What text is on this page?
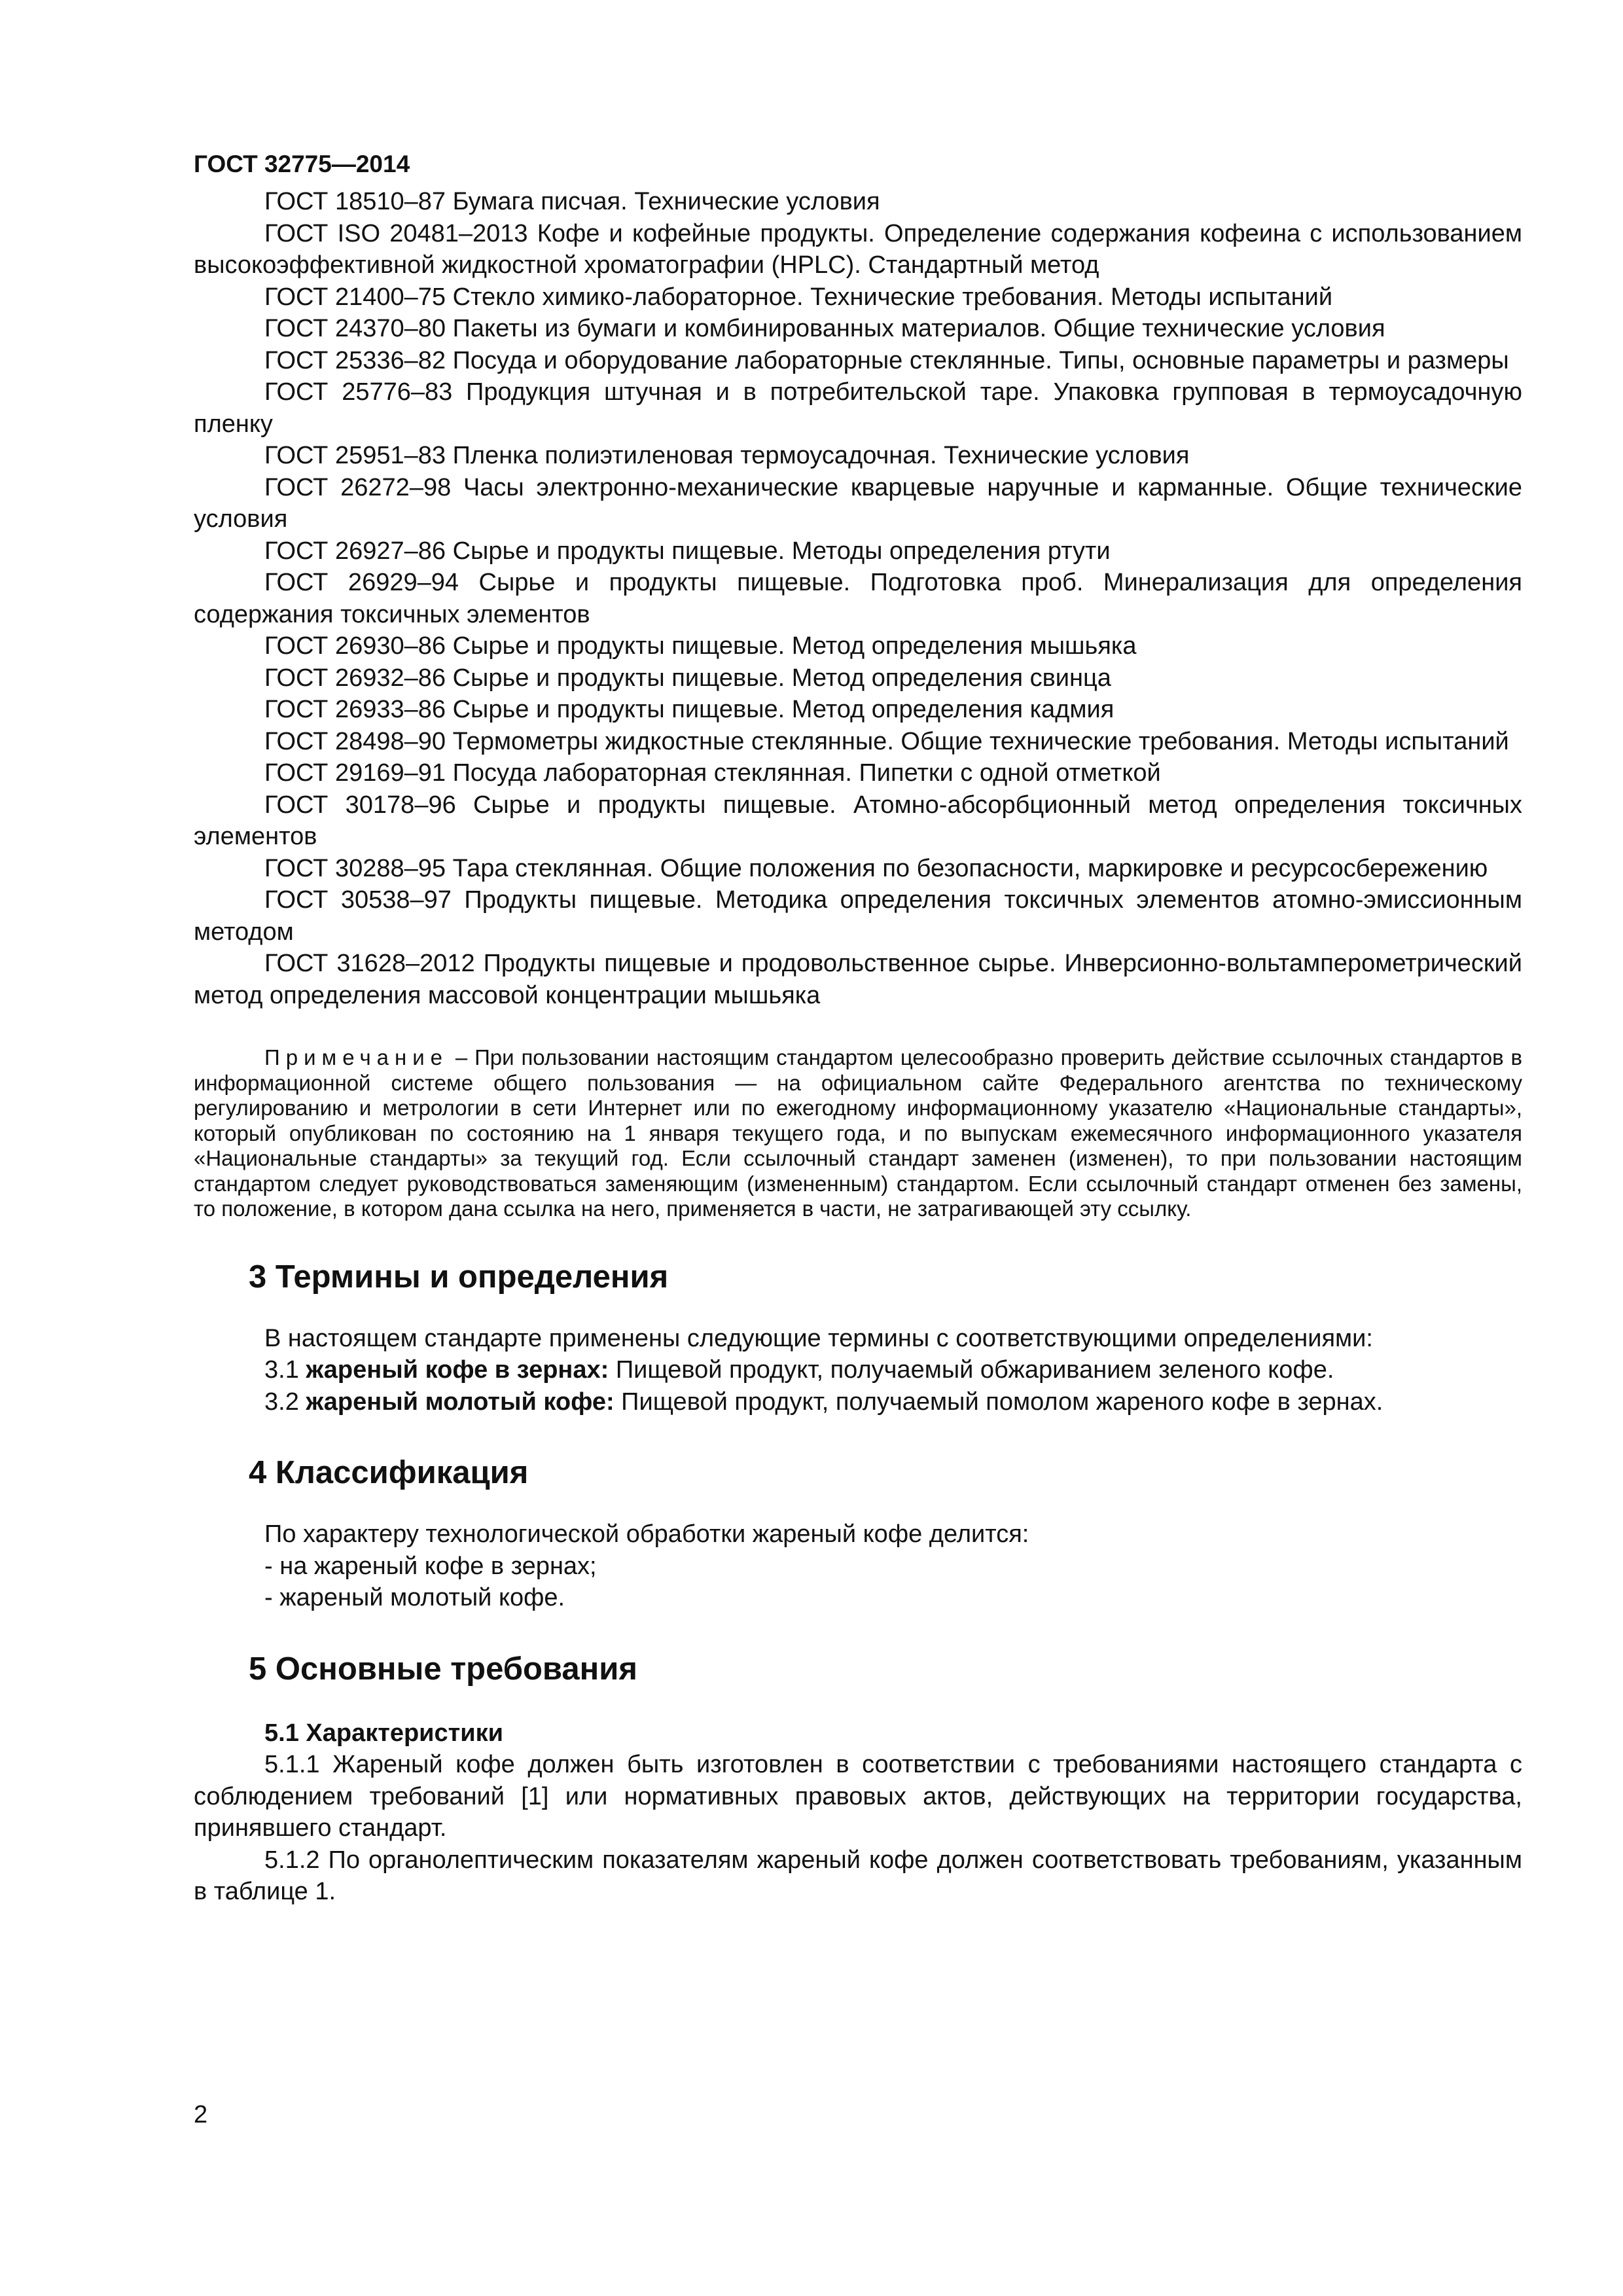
ГОСТ 32775—2014

ГОСТ 18510–87 Бумага писчая. Технические условия

ГОСТ ISO 20481–2013 Кофе и кофейные продукты. Определение содержания кофеина с использованием высокоэффективной жидкостной хроматографии (HPLC). Стандартный метод

ГОСТ 21400–75 Стекло химико-лабораторное. Технические требования. Методы испытаний

ГОСТ 24370–80 Пакеты из бумаги и комбинированных материалов. Общие технические условия

ГОСТ 25336–82 Посуда и оборудование лабораторные стеклянные. Типы, основные параметры и размеры

ГОСТ 25776–83 Продукция штучная и в потребительской таре. Упаковка групповая в термоусадочную пленку

ГОСТ 25951–83 Пленка полиэтиленовая термоусадочная. Технические условия

ГОСТ 26272–98 Часы электронно-механические кварцевые наручные и карманные. Общие технические условия

ГОСТ 26927–86 Сырье и продукты пищевые. Методы определения ртути

ГОСТ 26929–94 Сырье и продукты пищевые. Подготовка проб. Минерализация для определения содержания токсичных элементов

ГОСТ 26930–86 Сырье и продукты пищевые. Метод определения мышьяка

ГОСТ 26932–86 Сырье и продукты пищевые. Метод определения свинца

ГОСТ 26933–86 Сырье и продукты пищевые. Метод определения кадмия

ГОСТ 28498–90 Термометры жидкостные стеклянные. Общие технические требования. Методы испытаний

ГОСТ 29169–91 Посуда лабораторная стеклянная. Пипетки с одной отметкой

ГОСТ 30178–96 Сырье и продукты пищевые. Атомно-абсорбционный метод определения токсичных элементов

ГОСТ 30288–95 Тара стеклянная. Общие положения по безопасности, маркировке и ресурсосбережению

ГОСТ 30538–97 Продукты пищевые. Методика определения токсичных элементов атомно-эмиссионным методом

ГОСТ 31628–2012 Продукты пищевые и продовольственное сырье. Инверсионно-вольтамперометрический метод определения массовой концентрации мышьяка

Примечание – При пользовании настоящим стандартом целесообразно проверить действие ссылочных стандартов в информационной системе общего пользования — на официальном сайте Федерального агентства по техническому регулированию и метрологии в сети Интернет или по ежегодному информационному указателю «Национальные стандарты», который опубликован по состоянию на 1 января текущего года, и по выпускам ежемесячного информационного указателя «Национальные стандарты» за текущий год. Если ссылочный стандарт заменен (изменен), то при пользовании настоящим стандартом следует руководствоваться заменяющим (измененным) стандартом. Если ссылочный стандарт отменен без замены, то положение, в котором дана ссылка на него, применяется в части, не затрагивающей эту ссылку.

3 Термины и определения

В настоящем стандарте применены следующие термины с соответствующими определениями:

3.1 жареный кофе в зернах: Пищевой продукт, получаемый обжариванием зеленого кофе.

3.2 жареный молотый кофе: Пищевой продукт, получаемый помолом жареного кофе в зернах.

4 Классификация

По характеру технологической обработки жареный кофе делится:

- на жареный кофе в зернах;

- жареный молотый кофе.

5 Основные требования
5.1 Характеристики

5.1.1 Жареный кофе должен быть изготовлен в соответствии с требованиями настоящего стандарта с соблюдением требований [1] или нормативных правовых актов, действующих на территории государства, принявшего стандарт.

5.1.2 По органолептическим показателям жареный кофе должен соответствовать требованиям, указанным в таблице 1.

2
